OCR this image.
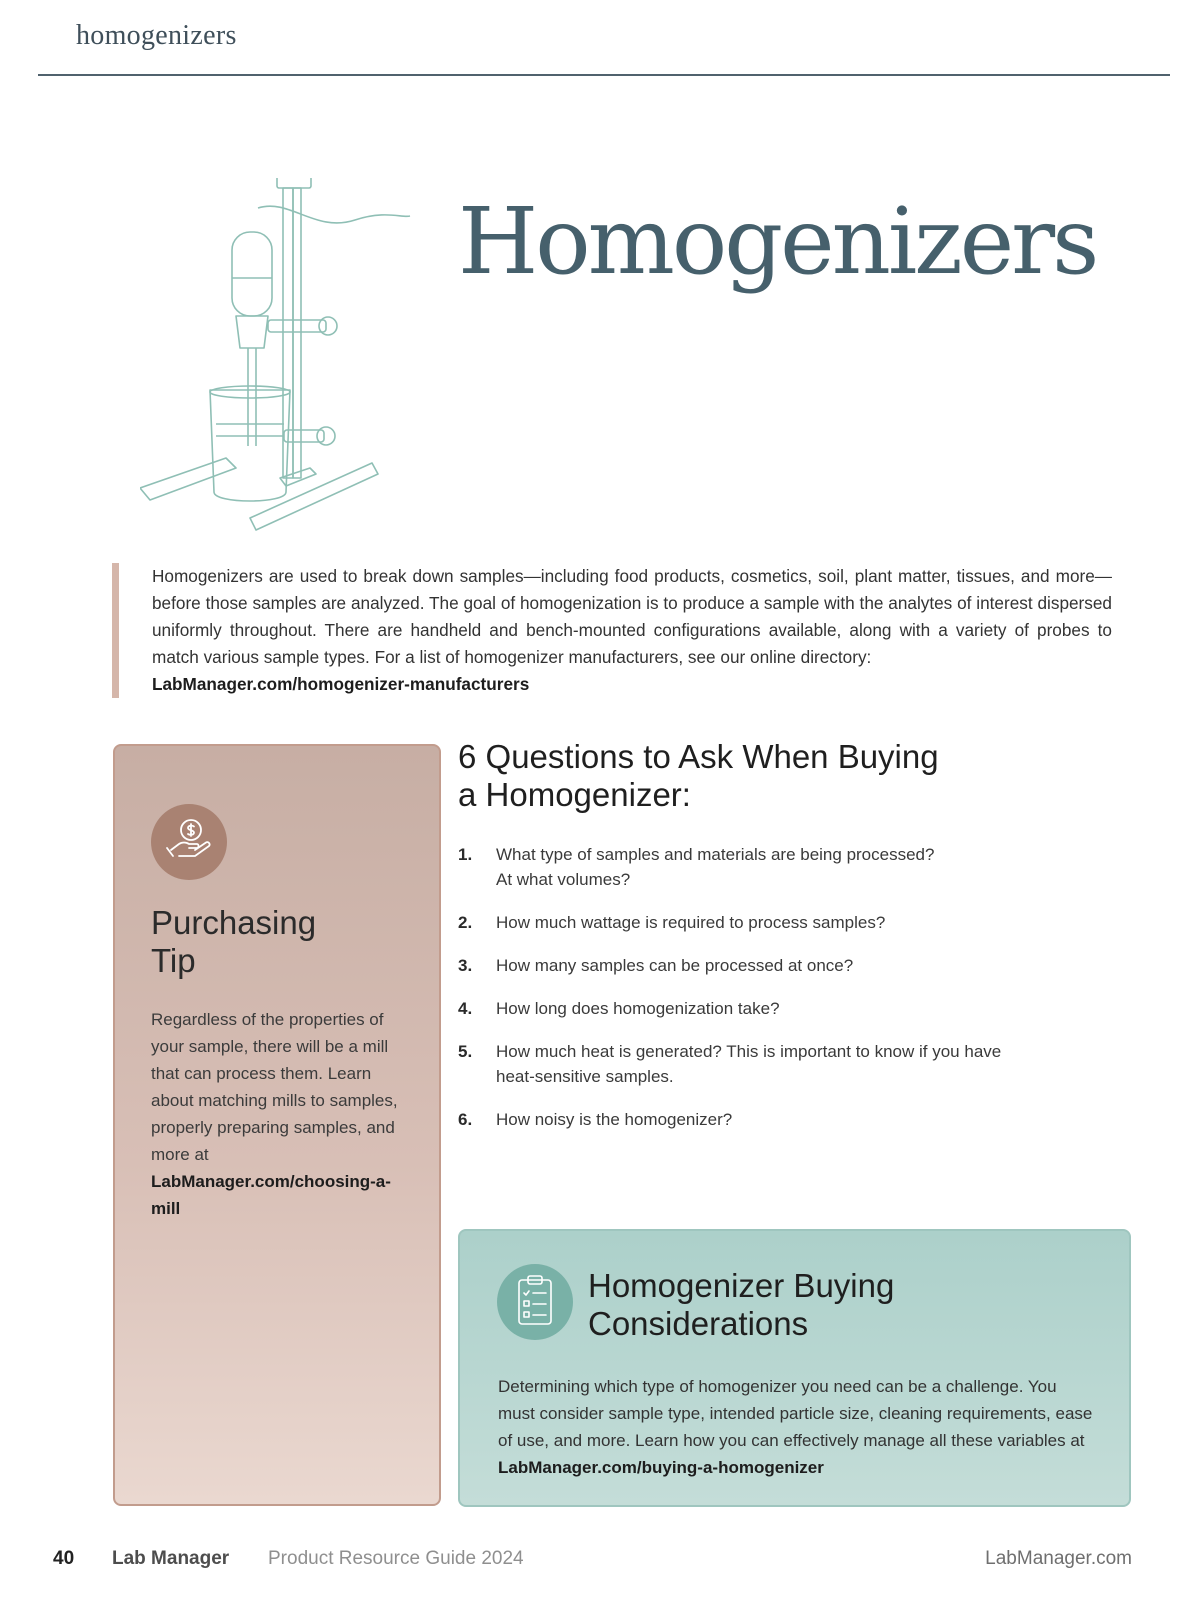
homogenizers
Homogenizers
Homogenizers are used to break down samples—including food products, cosmetics, soil, plant matter, tissues, and more—before those samples are analyzed. The goal of homogenization is to produce a sample with the analytes of interest dispersed uniformly throughout. There are handheld and bench-mounted configurations available, along with a variety of probes to match various sample types. For a list of homogenizer manufacturers, see our online directory:
LabManager.com/homogenizer-manufacturers
Purchasing
Tip
Regardless of the properties of your sample, there will be a mill that can process them. Learn about matching mills to samples, properly preparing samples, and more at LabManager.com/choosing-a-mill
6 Questions to Ask When Buying
a Homogenizer:
1. What type of samples and materials are being processed?
At what volumes?
2. How much wattage is required to process samples?
3. How many samples can be processed at once?
4. How long does homogenization take?
5. How much heat is generated? This is important to know if you have
heat-sensitive samples.
6. How noisy is the homogenizer?
Homogenizer Buying
Considerations
Determining which type of homogenizer you need can be a challenge. You must consider sample type, intended particle size, cleaning requirements, ease of use, and more. Learn how you can effectively manage all these variables at LabManager.com/buying-a-homogenizer
40 Lab Manager Product Resource Guide 2024	LabManager.com
